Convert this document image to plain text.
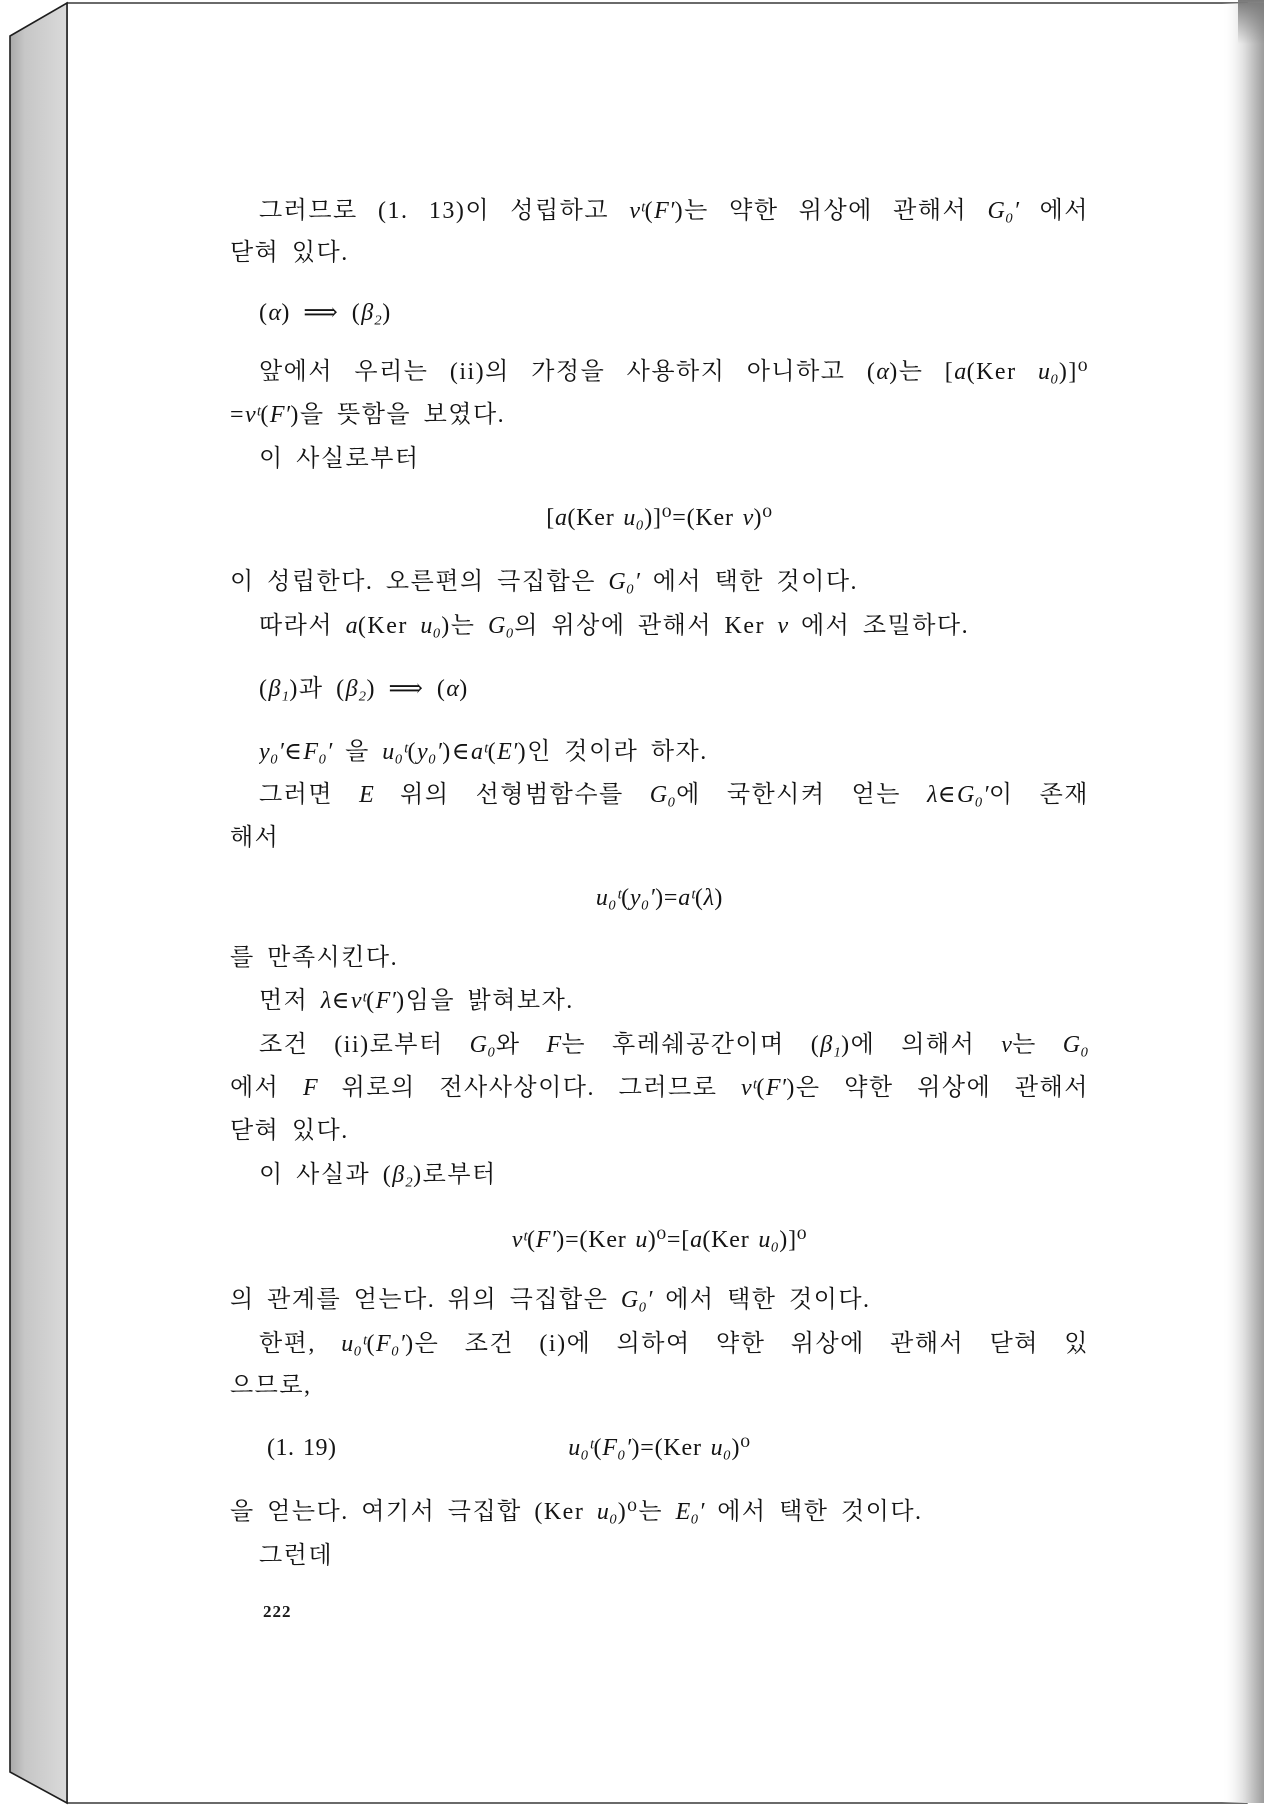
그러므로 (1. 13)이 성립하고 vᵗ(F′)는 약한 위상에 관해서 G₀′ 에서
닫혀 있다.
(α) ⟹ (β₂)
앞에서 우리는 (ii)의 가정을 사용하지 아니하고 (α)는 [a(Ker u₀)]⁰
=vᵗ(F′)을 뜻함을 보였다.
이 사실로부터
[a(Ker u₀)]⁰=(Ker v)⁰
이 성립한다. 오른편의 극집합은 G₀′ 에서 택한 것이다.
따라서 a(Ker u₀)는 G₀의 위상에 관해서 Ker v 에서 조밀하다.
(β₁)과 (β₂) ⟹ (α)
y₀′∈F₀′ 을 u₀ᵗ(y₀′)∈aᵗ(E′)인 것이라 하자.
그러면 E 위의 선형범함수를 G₀에 국한시켜 얻는 λ∈G₀′이 존재
해서
u₀ᵗ(y₀′)=aᵗ(λ)
를 만족시킨다.
먼저 λ∈vᵗ(F′)임을 밝혀보자.
조건 (ii)로부터 G₀와 F는 후레쉐공간이며 (β₁)에 의해서 v는 G₀
에서 F 위로의 전사사상이다. 그러므로 vᵗ(F′)은 약한 위상에 관해서
닫혀 있다.
이 사실과 (β₂)로부터
vᵗ(F′)=(Ker u)⁰=[a(Ker u₀)]⁰
의 관계를 얻는다. 위의 극집합은 G₀′ 에서 택한 것이다.
한편, u₀ᵗ(F₀′)은 조건 (i)에 의하여 약한 위상에 관해서 닫혀 있
으므로,
(1. 19)	u₀ᵗ(F₀′)=(Ker u₀)⁰
을 얻는다. 여기서 극집합 (Ker u₀)⁰는 E₀′ 에서 택한 것이다.
그런데
222
